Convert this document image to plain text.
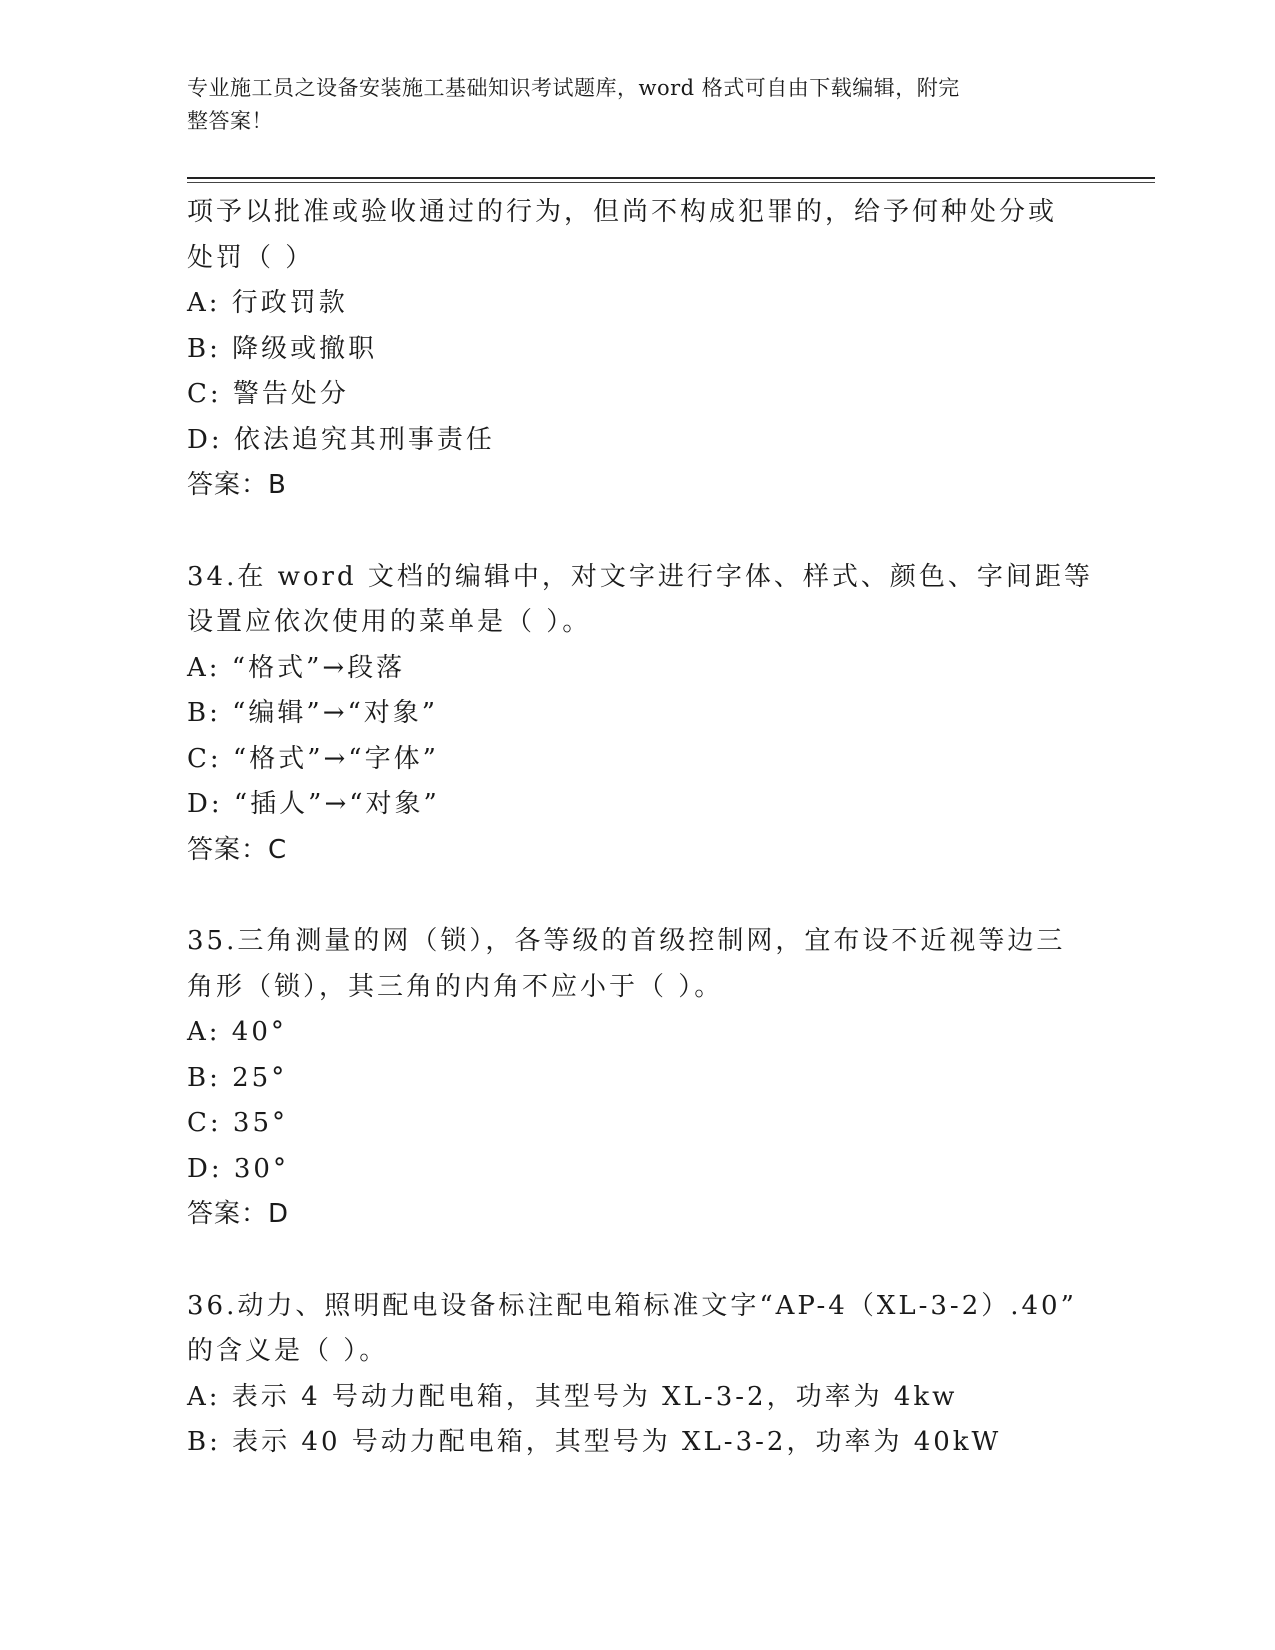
专业施工员之设备安装施工基础知识考试题库，word 格式可自由下载编辑，附完
整答案！
项予以批准或验收通过的行为，但尚不构成犯罪的，给予何种处分或
处罚（ ）
A: 行政罚款
B: 降级或撤职
C: 警告处分
D: 依法追究其刑事责任
答案：B
34.在 word 文档的编辑中，对文字进行字体、样式、颜色、字间距等
设置应依次使用的菜单是（ ）。
A: “格式”→段落
B: “编辑”→“对象”
C: “格式”→“字体”
D: “插人”→“对象”
答案：C
35.三角测量的网（锁），各等级的首级控制网，宜布设不近视等边三
角形（锁），其三角的内角不应小于（ ）。
A: 40°
B: 25°
C: 35°
D: 30°
答案：D
36.动力、照明配电设备标注配电箱标准文字“AP-4（XL-3-2）.40”
的含义是（ ）。
A: 表示 4 号动力配电箱，其型号为 XL-3-2，功率为 4kw
B: 表示 40 号动力配电箱，其型号为 XL-3-2，功率为 40kW
